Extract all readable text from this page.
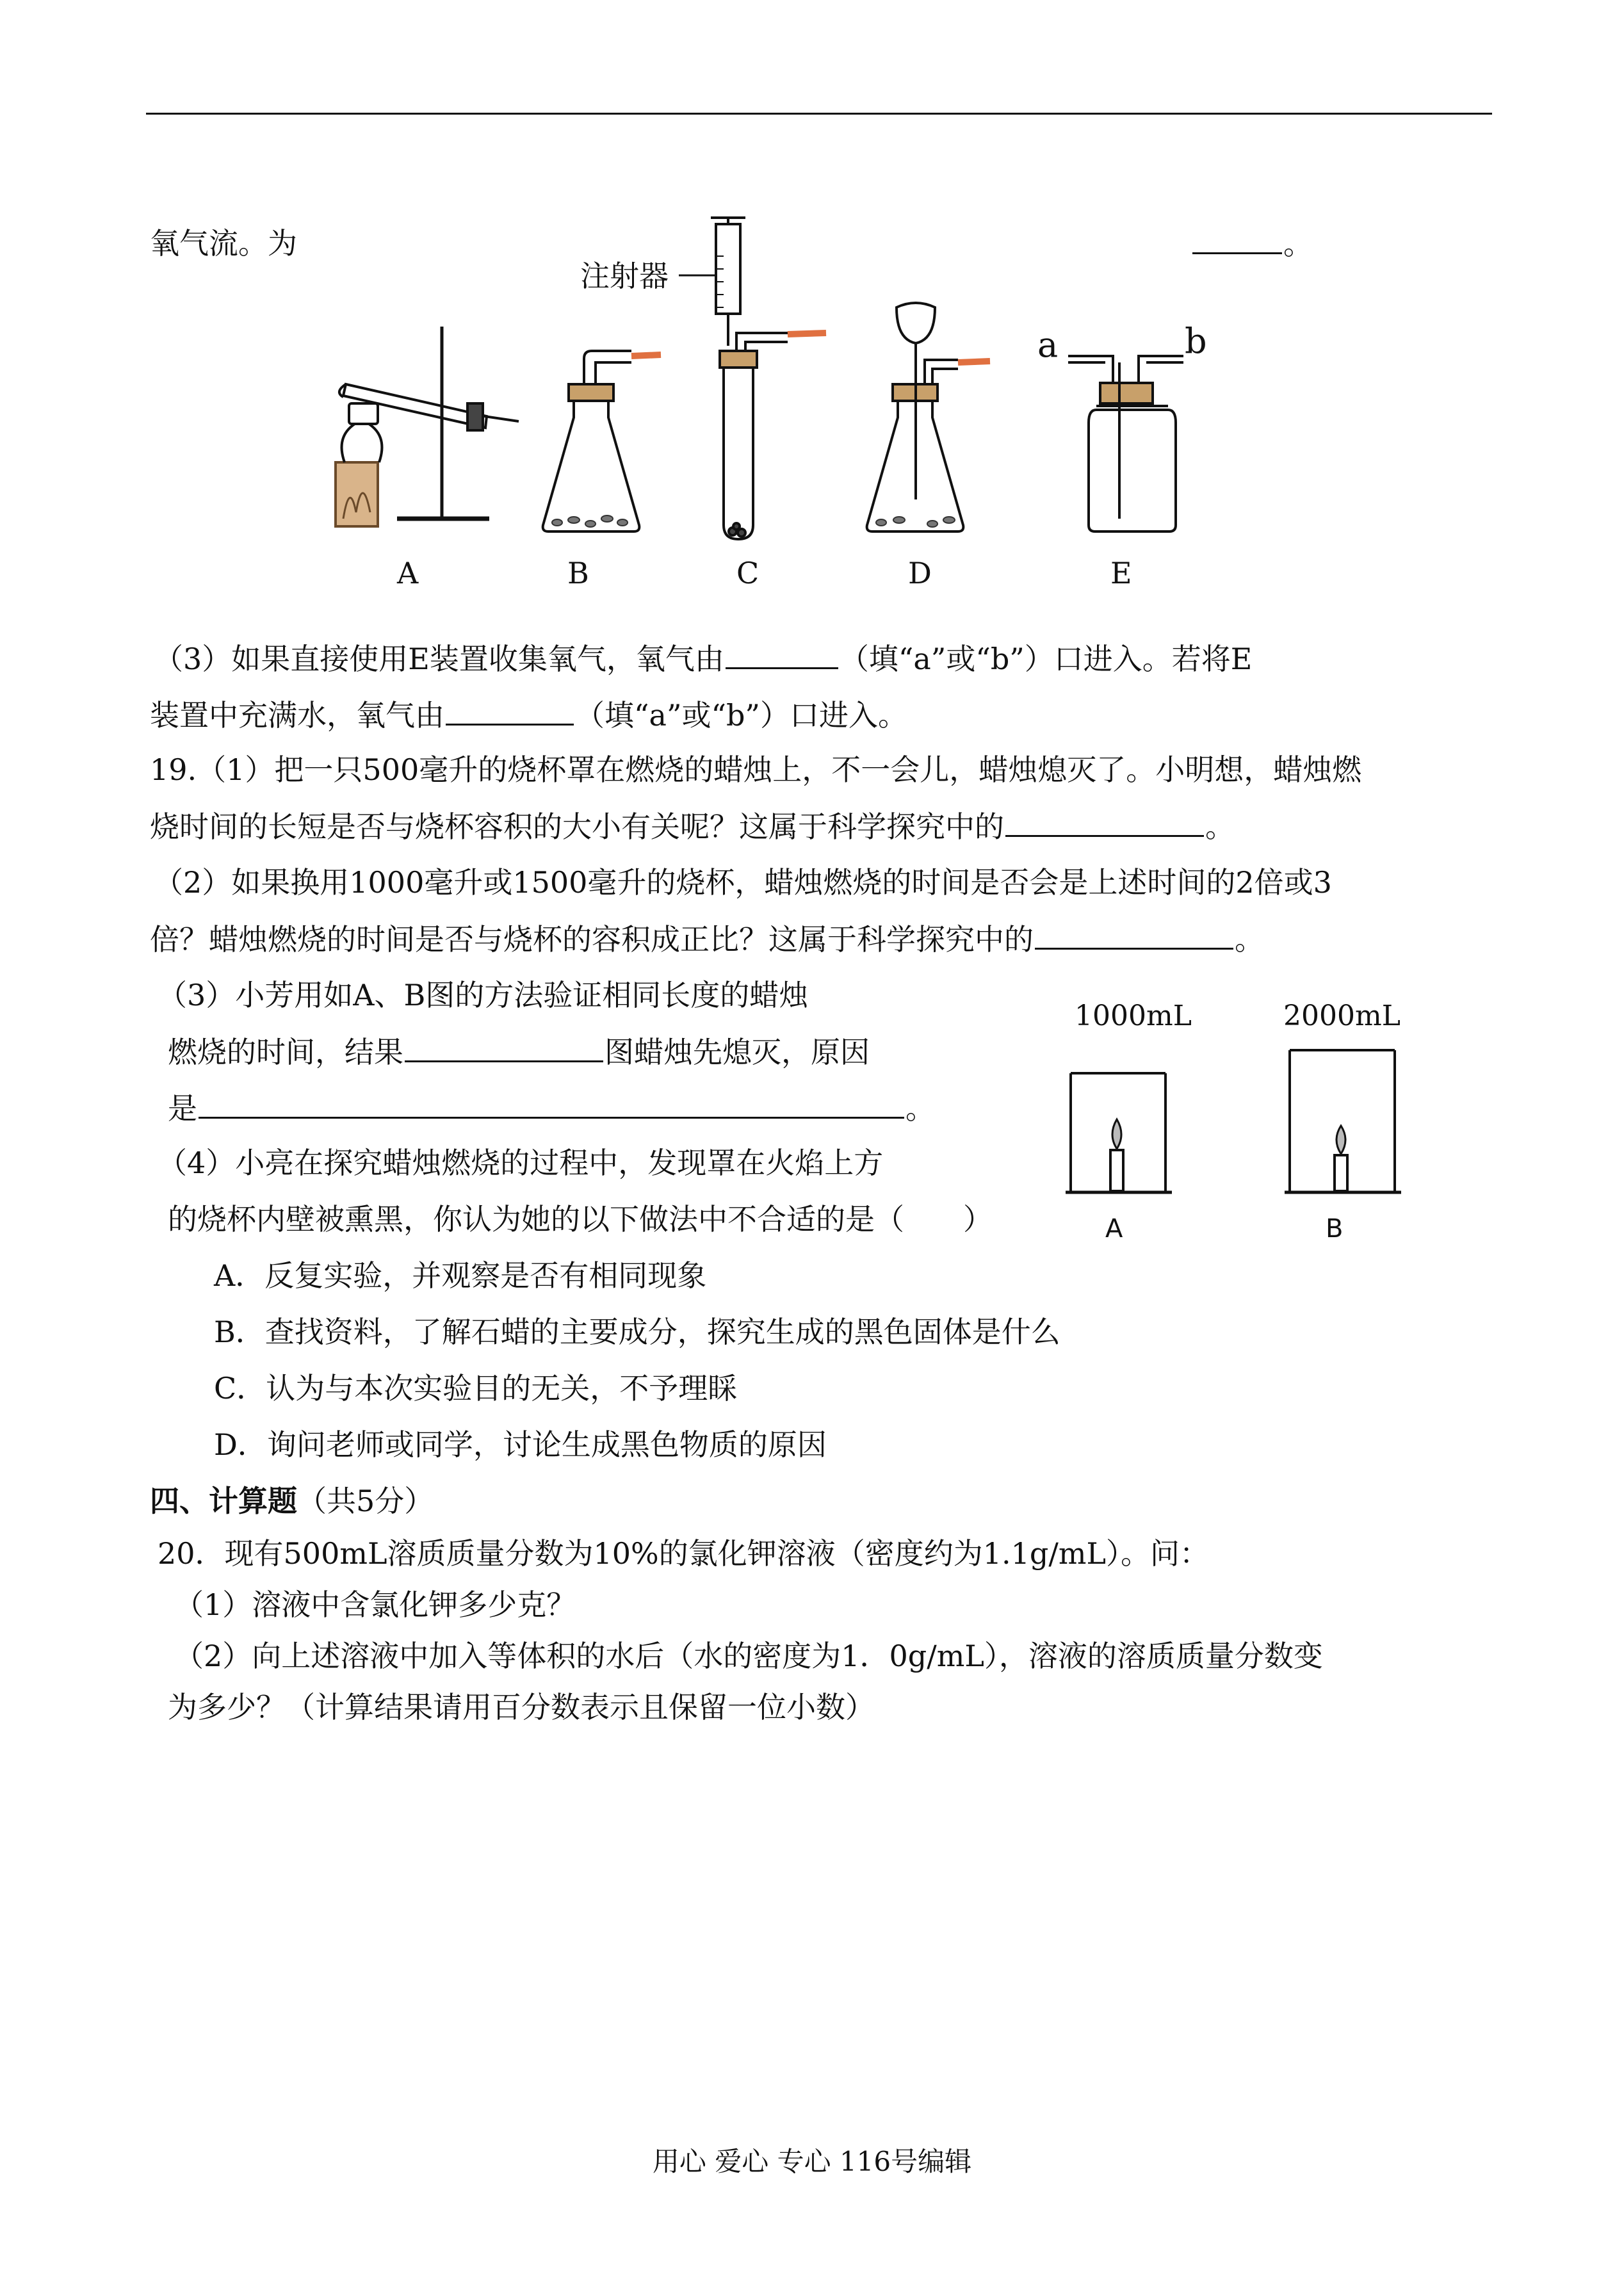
氧气流。为	。
注射器
a	b
A	B	C	D	E
（3）如果直接使用E装置收集氧气，氧气由	（填“a”或“b”）口进入。若将E
装置中充满水，氧气由	（填“a”或“b”）口进入。
19.（1）把一只500毫升的烧杯罩在燃烧的蜡烛上，不一会儿，蜡烛熄灭了。小明想，蜡烛燃
烧时间的长短是否与烧杯容积的大小有关呢？这属于科学探究中的	。
（2）如果换用1000毫升或1500毫升的烧杯，蜡烛燃烧的时间是否会是上述时间的2倍或3
倍？蜡烛燃烧的时间是否与烧杯的容积成正比？这属于科学探究中的	。
（3）小芳用如A、B图的方法验证相同长度的蜡烛
燃烧的时间，结果	图蜡烛先熄灭，原因
是	。
1000mL	2000mL
A	B
（4）小亮在探究蜡烛燃烧的过程中，发现罩在火焰上方
的烧杯内壁被熏黑，你认为她的以下做法中不合适的是（　　）
A．反复实验，并观察是否有相同现象
B．查找资料，了解石蜡的主要成分，探究生成的黑色固体是什么
C．认为与本次实验目的无关，不予理睬
D．询问老师或同学，讨论生成黑色物质的原因
四、计算题（共5分）
20．现有500mL溶质质量分数为10%的氯化钾溶液（密度约为1.1g/mL）。问：
（1）溶液中含氯化钾多少克？
（2）向上述溶液中加入等体积的水后（水的密度为1．0g/mL），溶液的溶质质量分数变
为多少？（计算结果请用百分数表示且保留一位小数）
用心 爱心 专心 116号编辑
